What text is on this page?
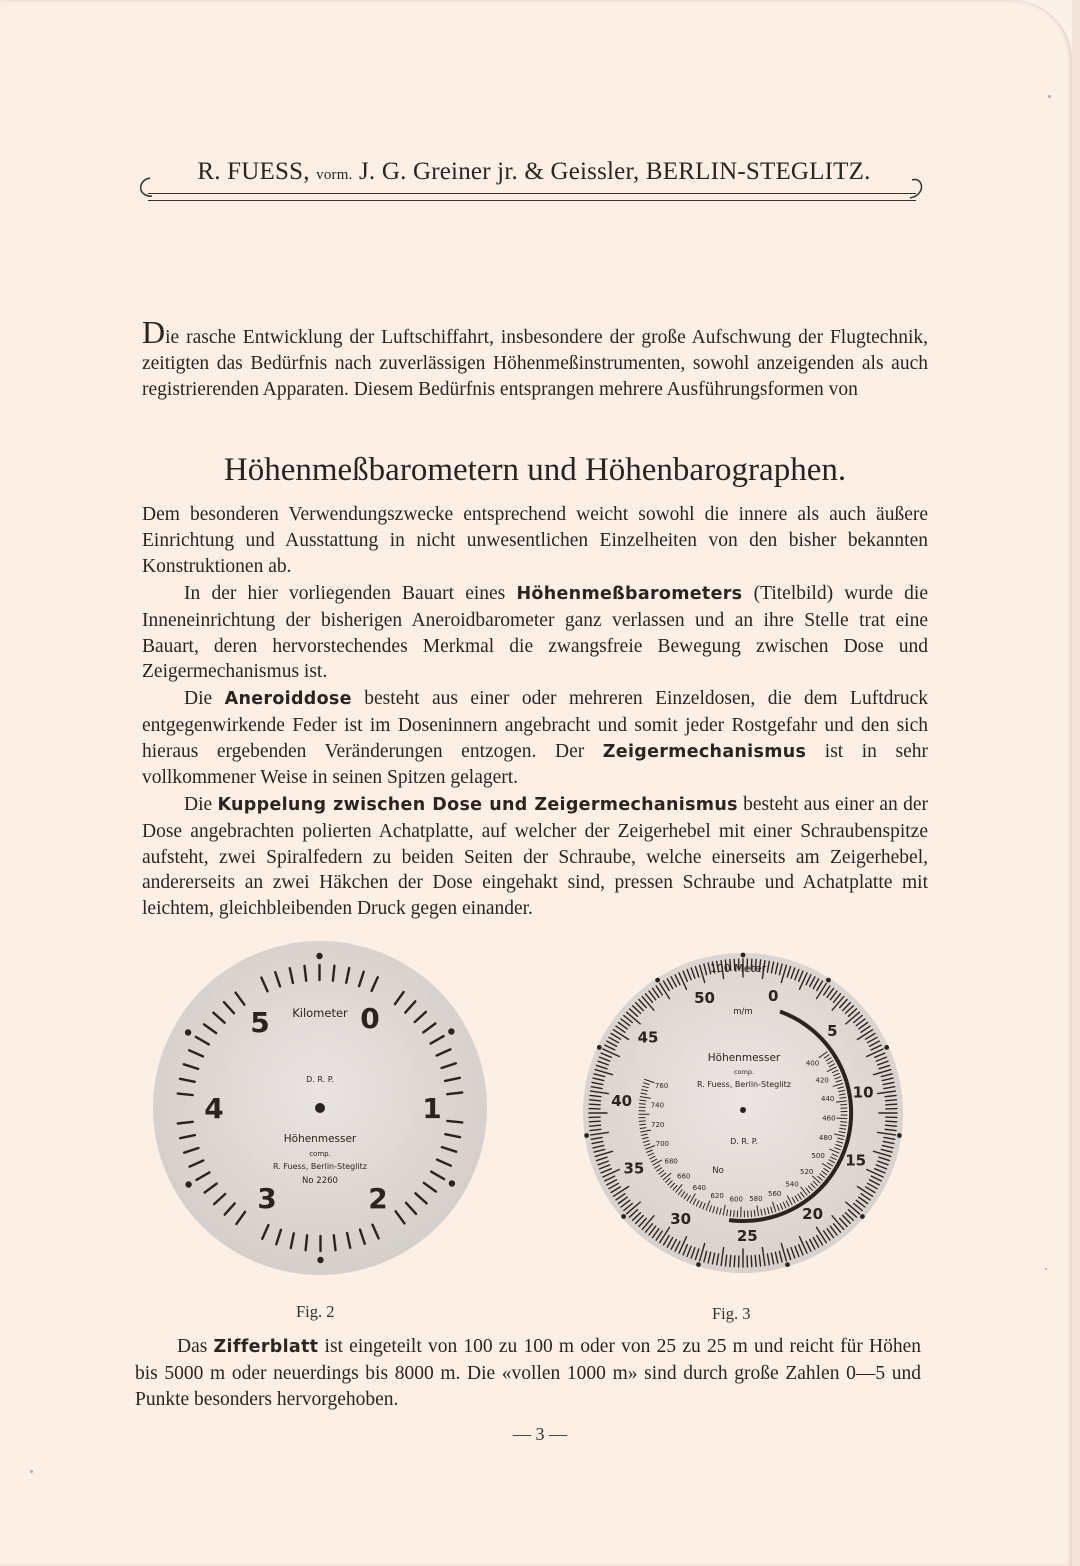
R. FUESS, vorm. J. G. Greiner jr. & Geissler, BERLIN-STEGLITZ.
Die rasche Entwicklung der Luftschiffahrt, insbesondere der große Aufschwung der Flugtechnik, zeitigten das Bedürfnis nach zuverlässigen Höhenmeßinstrumenten, sowohl anzeigenden als auch registrierenden Apparaten. Diesem Bedürfnis entsprangen mehrere Ausführungsformen von
Höhenmeßbarometern und Höhenbarographen.
Dem besonderen Verwendungszwecke entsprechend weicht sowohl die innere als auch äußere Einrichtung und Ausstattung in nicht unwesentlichen Einzelheiten von den bisher bekannten Konstruktionen ab.
In der hier vorliegenden Bauart eines Höhenmeßbarometers (Titelbild) wurde die Inneneinrichtung der bisherigen Aneroidbarometer ganz verlassen und an ihre Stelle trat eine Bauart, deren hervorstechendes Merkmal die zwangsfreie Bewegung zwischen Dose und Zeigermechanismus ist.
Die Aneroiddose besteht aus einer oder mehreren Einzeldosen, die dem Luftdruck entgegenwirkende Feder ist im Doseninnern angebracht und somit jeder Rostgefahr und den sich hieraus ergebenden Veränderungen entzogen. Der Zeigermechanismus ist in sehr vollkommener Weise in seinen Spitzen gelagert.
Die Kuppelung zwischen Dose und Zeigermechanismus besteht aus einer an der Dose angebrachten polierten Achatplatte, auf welcher der Zeigerhebel mit einer Schraubenspitze aufsteht, zwei Spiralfedern zu beiden Seiten der Schraube, welche einerseits am Zeigerhebel, andererseits an zwei Häkchen der Dose eingehakt sind, pressen Schraube und Achatplatte mit leichtem, gleichbleibenden Druck gegen einander.
0
1
2
3
4
5 Kilometer
D. R. P.
Höhenmesser
comp.
R. Fuess, Berlin-Steglitz
No 2260
Fig. 2
100 Meter
m/m
Höhenmesser
comp.
R. Fuess, Berlin-Steglitz
D. R. P.
No
0
5
10
15
20
25
30
35
40
45
50
400
420
440
460
480
500
520
540
560
580
600
620
640
660
680
700
720
740
760
Fig. 3
Das Zifferblatt ist eingeteilt von 100 zu 100 m oder von 25 zu 25 m und reicht für Höhen bis 5000 m oder neuerdings bis 8000 m. Die «vollen 1000 m» sind durch große Zahlen 0—5 und Punkte besonders hervorgehoben.
— 3 —
